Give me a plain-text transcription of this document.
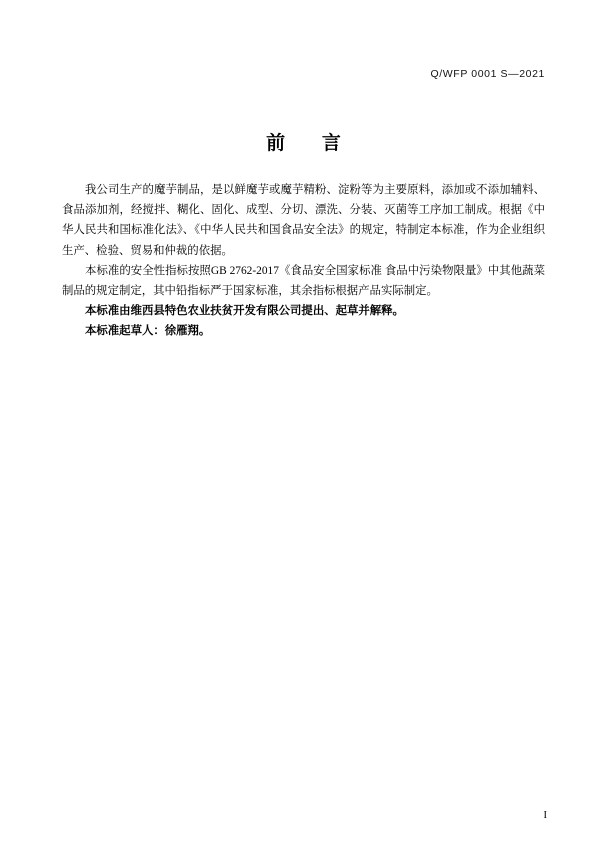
Q/WFP 0001 S—2021
前 言

我公司生产的魔芋制品，是以鲜魔芋或魔芋精粉、淀粉等为主要原料，添加或不添加辅料、食品添加剂，经搅拌、糊化、固化、成型、分切、漂洗、分装、灭菌等工序加工制成。根据《中华人民共和国标准化法》、《中华人民共和国食品安全法》的规定，特制定本标准，作为企业组织生产、检验、贸易和仲裁的依据。

本标准的安全性指标按照GB 2762-2017《食品安全国家标准 食品中污染物限量》中其他蔬菜制品的规定制定，其中铅指标严于国家标准，其余指标根据产品实际制定。

本标准由维西县特色农业扶贫开发有限公司提出、起草并解释。

本标准起草人：徐雁翔。

I
